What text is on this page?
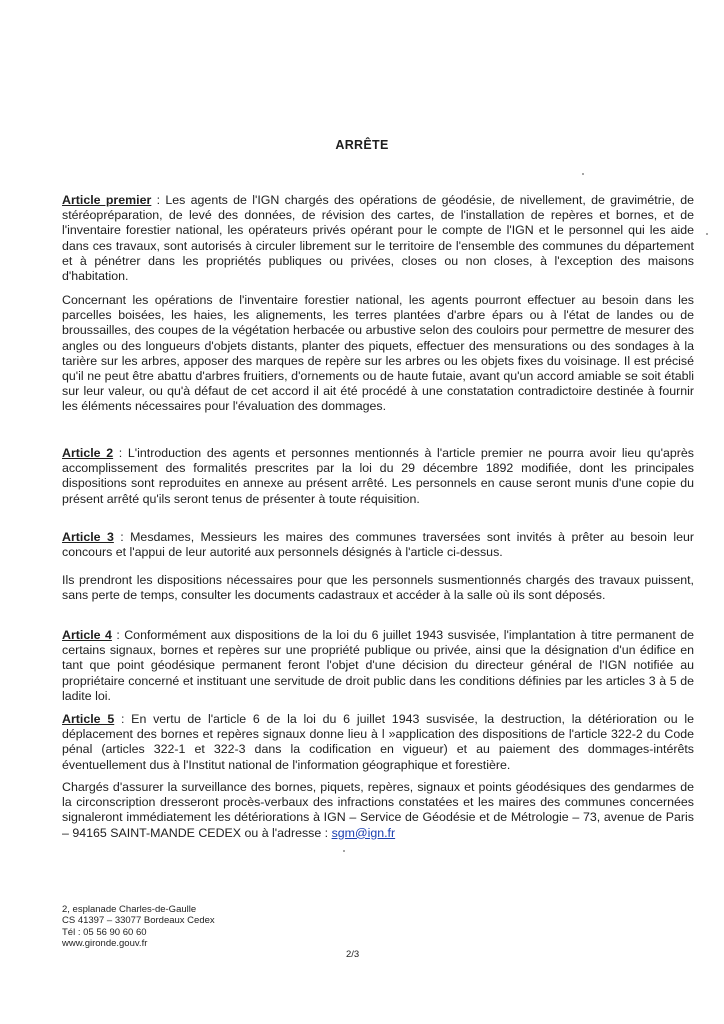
ARRÊTE
Article premier : Les agents de l'IGN chargés des opérations de géodésie, de nivellement, de gravimétrie, de stéréopréparation, de levé des données, de révision des cartes, de l'installation de repères et bornes, et de l'inventaire forestier national, les opérateurs privés opérant pour le compte de l'IGN et le personnel qui les aide dans ces travaux, sont autorisés à circuler librement sur le territoire de l'ensemble des communes du département et à pénétrer dans les propriétés publiques ou privées, closes ou non closes, à l'exception des maisons d'habitation.
Concernant les opérations de l'inventaire forestier national, les agents pourront effectuer au besoin dans les parcelles boisées, les haies, les alignements, les terres plantées d'arbre épars ou à l'état de landes ou de broussailles, des coupes de la végétation herbacée ou arbustive selon des couloirs pour permettre de mesurer des angles ou des longueurs d'objets distants, planter des piquets, effectuer des mensurations ou des sondages à la tarière sur les arbres, apposer des marques de repère sur les arbres ou les objets fixes du voisinage. Il est précisé qu'il ne peut être abattu d'arbres fruitiers, d'ornements ou de haute futaie, avant qu'un accord amiable se soit établi sur leur valeur, ou qu'à défaut de cet accord il ait été procédé à une constatation contradictoire destinée à fournir les éléments nécessaires pour l'évaluation des dommages.
Article 2 : L'introduction des agents et personnes mentionnés à l'article premier ne pourra avoir lieu qu'après accomplissement des formalités prescrites par la loi du 29 décembre 1892 modifiée, dont les principales dispositions sont reproduites en annexe au présent arrêté. Les personnels en cause seront munis d'une copie du présent arrêté qu'ils seront tenus de présenter à toute réquisition.
Article 3 : Mesdames, Messieurs les maires des communes traversées sont invités à prêter au besoin leur concours et l'appui de leur autorité aux personnels désignés à l'article ci-dessus.
Ils prendront les dispositions nécessaires pour que les personnels susmentionnés chargés des travaux puissent, sans perte de temps, consulter les documents cadastraux et accéder à la salle où ils sont déposés.
Article 4 : Conformément aux dispositions de la loi du 6 juillet 1943 susvisée, l'implantation à titre permanent de certains signaux, bornes et repères sur une propriété publique ou privée, ainsi que la désignation d'un édifice en tant que point géodésique permanent feront l'objet d'une décision du directeur général de l'IGN notifiée au propriétaire concerné et instituant une servitude de droit public dans les conditions définies par les articles 3 à 5 de ladite loi.
Article 5 : En vertu de l'article 6 de la loi du 6 juillet 1943 susvisée, la destruction, la détérioration ou le déplacement des bornes et repères signaux donne lieu à l »application des dispositions de l'article 322-2 du Code pénal (articles 322-1 et 322-3 dans la codification en vigueur) et au paiement des dommages-intérêts éventuellement dus à l'Institut national de l'information géographique et forestière.
Chargés d'assurer la surveillance des bornes, piquets, repères, signaux et points géodésiques des gendarmes de la circonscription dresseront procès-verbaux des infractions constatées et les maires des communes concernées signaleront immédiatement les détériorations à IGN – Service de Géodésie et de Métrologie – 73, avenue de Paris – 94165 SAINT-MANDE CEDEX ou à l'adresse : sgm@ign.fr
2, esplanade Charles-de-Gaulle
CS 41397 – 33077 Bordeaux Cedex
Tél : 05 56 90 60 60
www.gironde.gouv.fr
2/3
